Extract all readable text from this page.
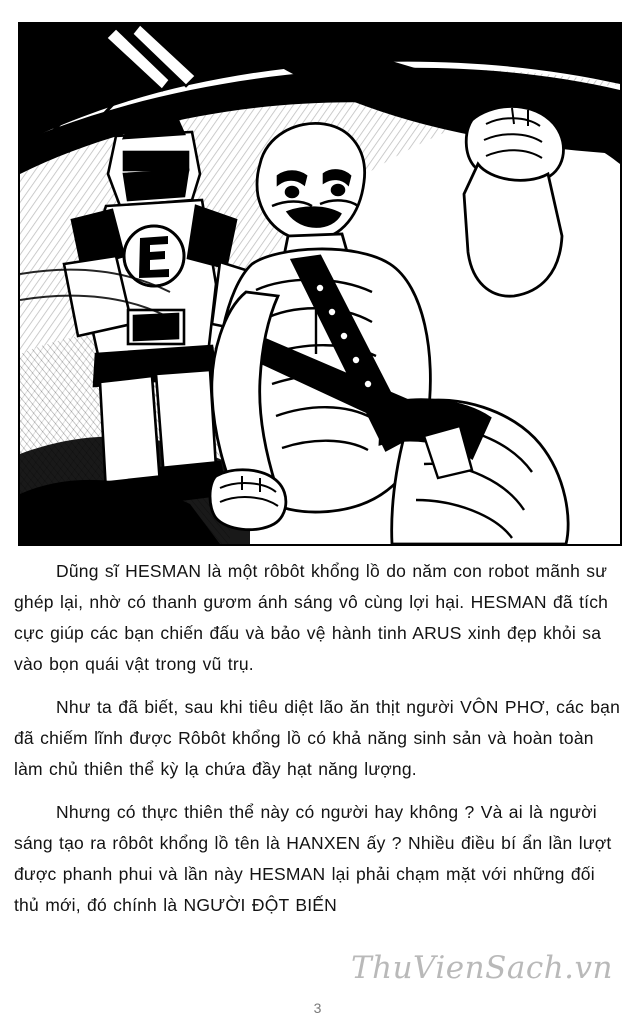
Dũng sĩ HESMAN là một rôbôt khổng lồ do năm con robot mãnh sư ghép lại, nhờ có thanh gươm ánh sáng vô cùng lợi hại. HESMAN đã tích cực giúp các bạn chiến đấu và bảo vệ hành tinh ARUS xinh đẹp khỏi sa vào bọn quái vật trong vũ trụ.

Như ta đã biết, sau khi tiêu diệt lão ăn thịt người VÔN PHƠ, các bạn đã chiếm lĩnh được Rôbôt khổng lồ có khả năng sinh sản và hoàn toàn làm chủ thiên thể kỳ lạ chứa đầy hạt năng lượng.

Nhưng có thực thiên thể này có người hay không ? Và ai là người sáng tạo ra rôbôt khổng lồ tên là HANXEN ấy ? Nhiều điều bí ẩn lần lượt được phanh phui và lần này HESMAN lại phải chạm mặt với những đối thủ mới, đó chính là NGƯỜI ĐỘT BIẾN

ThuVienSach.vn
3
